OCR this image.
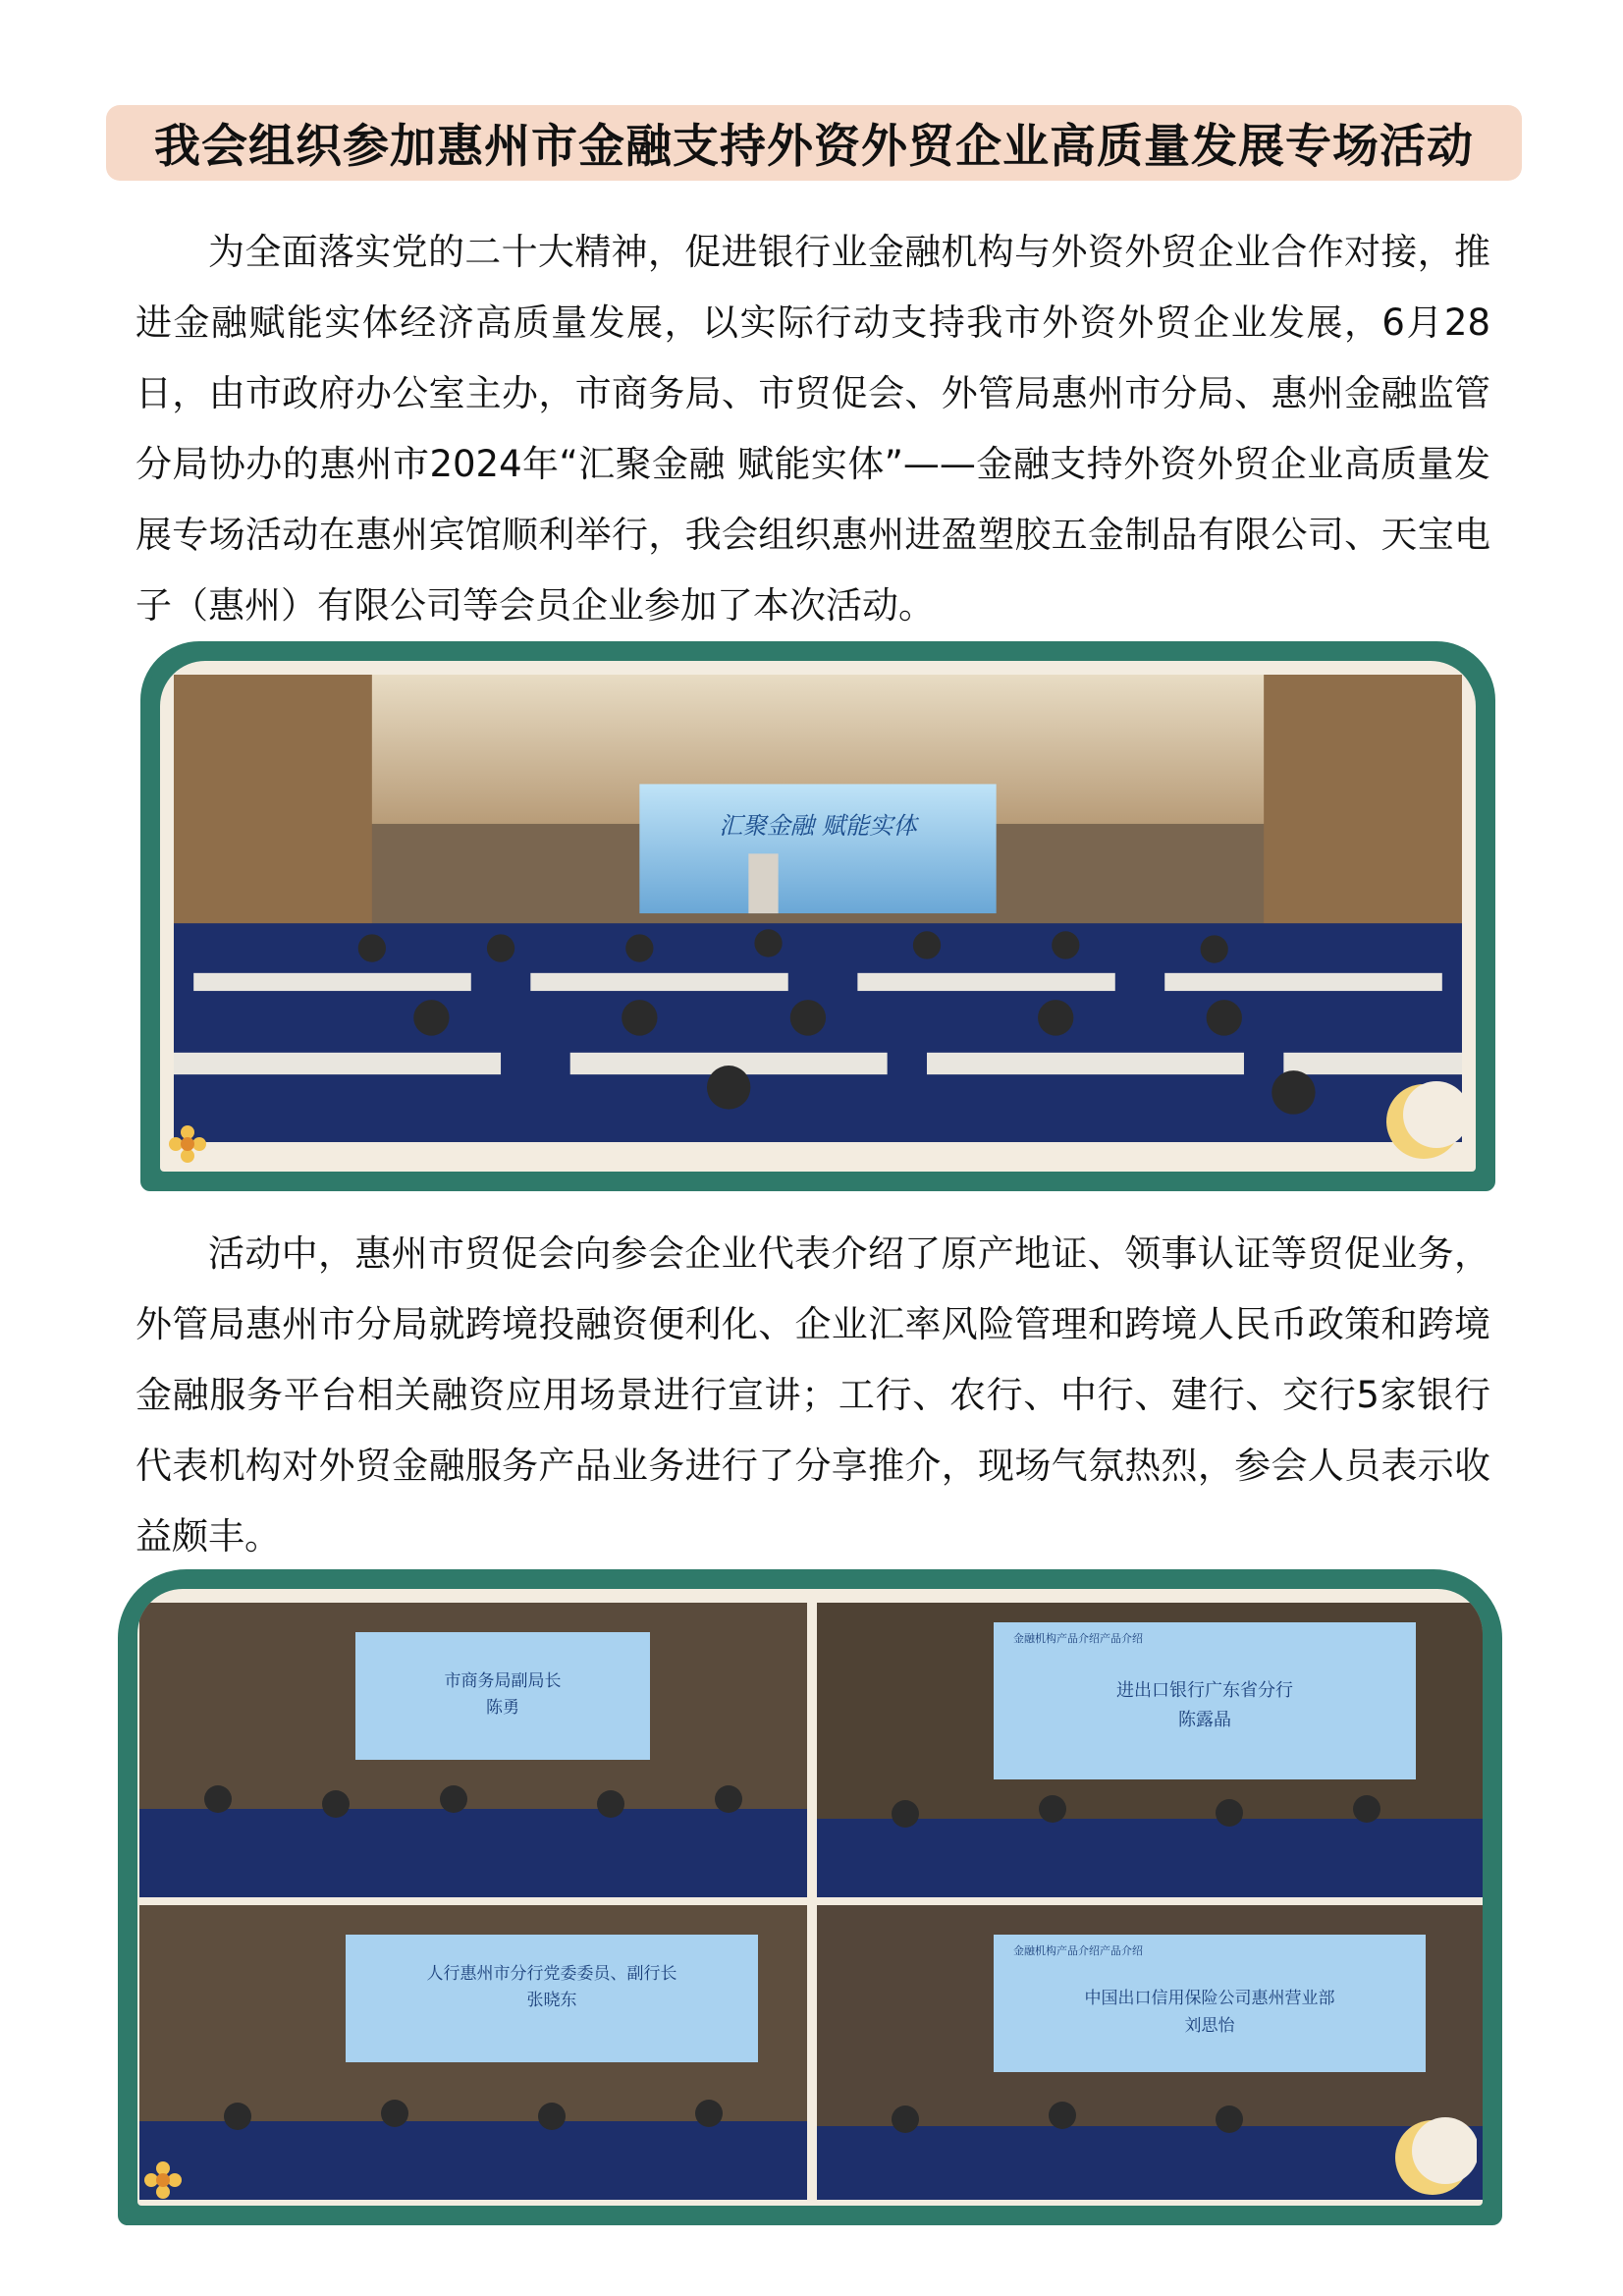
我会组织参加惠州市金融支持外资外贸企业高质量发展专场活动

为全面落实党的二十大精神，促进银行业金融机构与外资外贸企业合作对接，推进金融赋能实体经济高质量发展，以实际行动支持我市外资外贸企业发展，6月28日，由市政府办公室主办，市商务局、市贸促会、外管局惠州市分局、惠州金融监管分局协办的惠州市2024年“汇聚金融 赋能实体”——金融支持外资外贸企业高质量发展专场活动在惠州宾馆顺利举行，我会组织惠州进盈塑胶五金制品有限公司、天宝电子（惠州）有限公司等会员企业参加了本次活动。

汇聚金融 赋能实体

活动中，惠州市贸促会向参会企业代表介绍了原产地证、领事认证等贸促业务，外管局惠州市分局就跨境投融资便利化、企业汇率风险管理和跨境人民币政策和跨境金融服务平台相关融资应用场景进行宣讲；工行、农行、中行、建行、交行5家银行代表机构对外贸金融服务产品业务进行了分享推介，现场气氛热烈，参会人员表示收益颇丰。

市商务局副局长
陈勇
金融机构产品介绍产品介绍
进出口银行广东省分行
陈露晶
人行惠州市分行党委委员、副行长
张晓东
金融机构产品介绍产品介绍
中国出口信用保险公司惠州营业部
刘思怡
